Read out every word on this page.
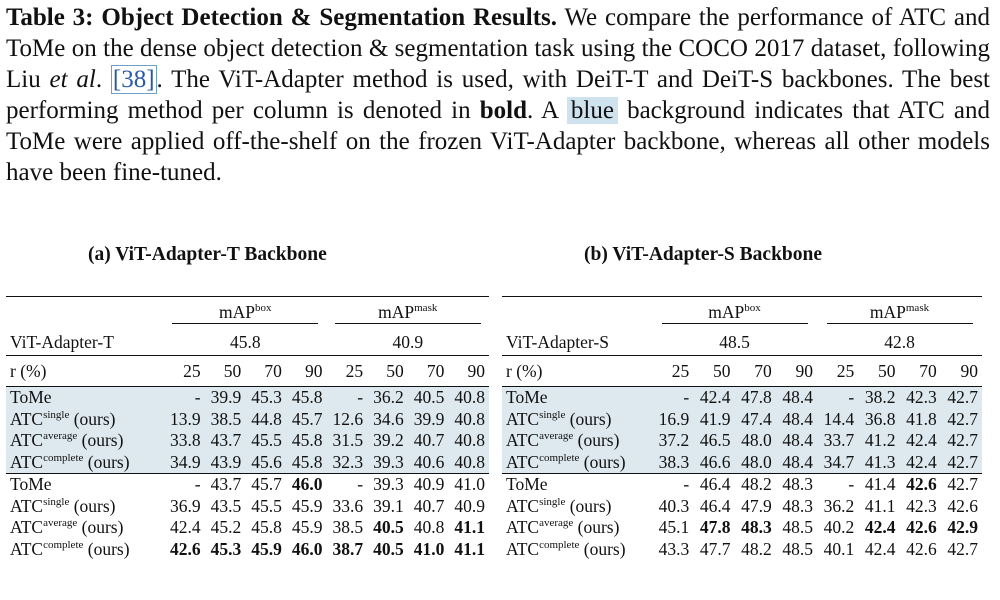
Table 3: Object Detection & Segmentation Results. We compare the performance of ATC and ToMe on the dense object detection & segmentation task using the COCO 2017 dataset, following Liu et al. [38]. The ViT-Adapter method is used, with DeiT-T and DeiT-S backbones. The best performing method per column is denoted in bold. A blue background indicates that ATC and ToMe were applied off-the-shelf on the frozen ViT-Adapter backbone, whereas all other models have been fine-tuned.
(a) ViT-Adapter-T Backbone
	mAP$^{box}$				mAP$^{mask}$
ViT-Adapter-T	45.8				40.9			
r (%)	25	50	70	90	25	50	70	90
ToMe	-	39.9	45.3	45.8	-	36.2	40.5	40.8
$ATC^{single}$ (ours)	13.9	38.5	44.8	45.7	12.6	34.6	39.9	40.8
$ATC^{average}$ (ours)	33.8	43.7	45.5	45.8	31.5	39.2	40.7	40.8
$ATC^{complete}$ (ours)	34.9	43.9	45.6	45.8	32.3	39.3	40.6	40.8
ToMe	-	43.7	45.7	46.0	-	39.3	40.9	41.0
$ATC^{single}$ (ours)	36.9	43.5	45.5	45.9	33.6	39.1	40.7	40.9
$ATC^{average}$ (ours)	42.4	45.2	45.8	45.9	38.5	40.5	40.8	41.1
$ATC^{complete}$ (ours)	42.6	45.3	45.9	46.0	38.7	40.5	41.0	41.1
(b) ViT-Adapter-S Backbone
	mAP$^{box}$				mAP$^{mask}$
ViT-Adapter-S	48.5				42.8			
r (%)	25	50	70	90	25	50	70	90
ToMe	-	42.4	47.8	48.4	-	38.2	42.3	42.7
$ATC^{single}$ (ours)	16.9	41.9	47.4	48.4	14.4	36.8	41.8	42.7
$ATC^{average}$ (ours)	37.2	46.5	48.0	48.4	33.7	41.2	42.4	42.7
$ATC^{complete}$ (ours)	38.3	46.6	48.0	48.4	34.7	41.3	42.4	42.7
ToMe	-	46.4	48.2	48.3	-	41.4	42.6	42.7
$ATC^{single}$ (ours)	40.3	46.4	47.9	48.3	36.2	41.1	42.3	42.6
$ATC^{average}$ (ours)	45.1	47.8	48.3	48.5	40.2	42.4	42.6	42.9
$ATC^{complete}$ (ours)	43.3	47.7	48.2	48.5	40.1	42.4	42.6	42.7
